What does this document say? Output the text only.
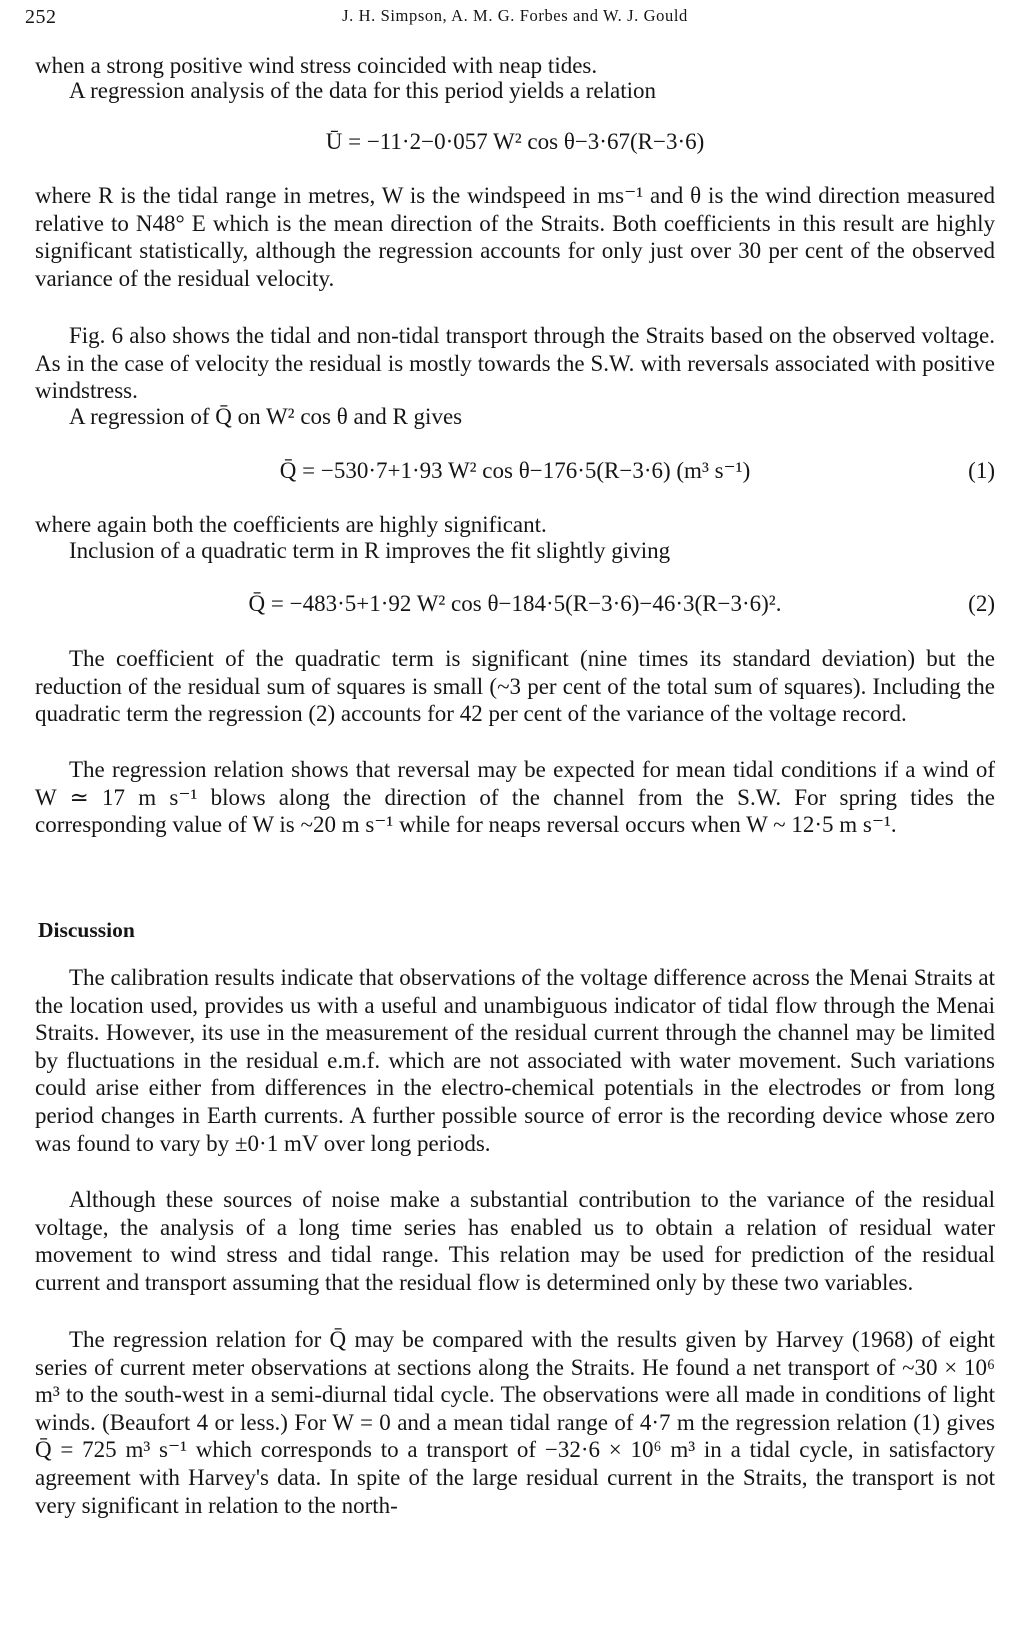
252	J. H. Simpson, A. M. G. Forbes and W. J. Gould

when a strong positive wind stress coincided with neap tides.

A regression analysis of the data for this period yields a relation

Ū = −11·2−0·057 W² cos θ−3·67(R−3·6)

where R is the tidal range in metres, W is the windspeed in ms⁻¹ and θ is the wind direction measured relative to N48° E which is the mean direction of the Straits. Both coefficients in this result are highly significant statistically, although the regression accounts for only just over 30 per cent of the observed variance of the residual velocity.

Fig. 6 also shows the tidal and non-tidal transport through the Straits based on the observed voltage. As in the case of velocity the residual is mostly towards the S.W. with reversals associated with positive windstress.

A regression of Q̄ on W² cos θ and R gives

Q̄ = −530·7+1·93 W² cos θ−176·5(R−3·6) (m³ s⁻¹)	(1)

where again both the coefficients are highly significant.

Inclusion of a quadratic term in R improves the fit slightly giving

Q̄ = −483·5+1·92 W² cos θ−184·5(R−3·6)−46·3(R−3·6)².	(2)

The coefficient of the quadratic term is significant (nine times its standard deviation) but the reduction of the residual sum of squares is small (~3 per cent of the total sum of squares). Including the quadratic term the regression (2) accounts for 42 per cent of the variance of the voltage record.

The regression relation shows that reversal may be expected for mean tidal conditions if a wind of W ≃ 17 m s⁻¹ blows along the direction of the channel from the S.W. For spring tides the corresponding value of W is ~20 m s⁻¹ while for neaps reversal occurs when W ~ 12·5 m s⁻¹.

Discussion

The calibration results indicate that observations of the voltage difference across the Menai Straits at the location used, provides us with a useful and unambiguous indicator of tidal flow through the Menai Straits. However, its use in the measurement of the residual current through the channel may be limited by fluctuations in the residual e.m.f. which are not associated with water movement. Such variations could arise either from differences in the electro-chemical potentials in the electrodes or from long period changes in Earth currents. A further possible source of error is the recording device whose zero was found to vary by ±0·1 mV over long periods.

Although these sources of noise make a substantial contribution to the variance of the residual voltage, the analysis of a long time series has enabled us to obtain a relation of residual water movement to wind stress and tidal range. This relation may be used for prediction of the residual current and transport assuming that the residual flow is determined only by these two variables.

The regression relation for Q̄ may be compared with the results given by Harvey (1968) of eight series of current meter observations at sections along the Straits. He found a net transport of ~30 × 10⁶ m³ to the south-west in a semi-diurnal tidal cycle. The observations were all made in conditions of light winds. (Beaufort 4 or less.) For W = 0 and a mean tidal range of 4·7 m the regression relation (1) gives Q̄ = 725 m³ s⁻¹ which corresponds to a transport of −32·6 × 10⁶ m³ in a tidal cycle, in satisfactory agreement with Harvey's data. In spite of the large residual current in the Straits, the transport is not very significant in relation to the north-
